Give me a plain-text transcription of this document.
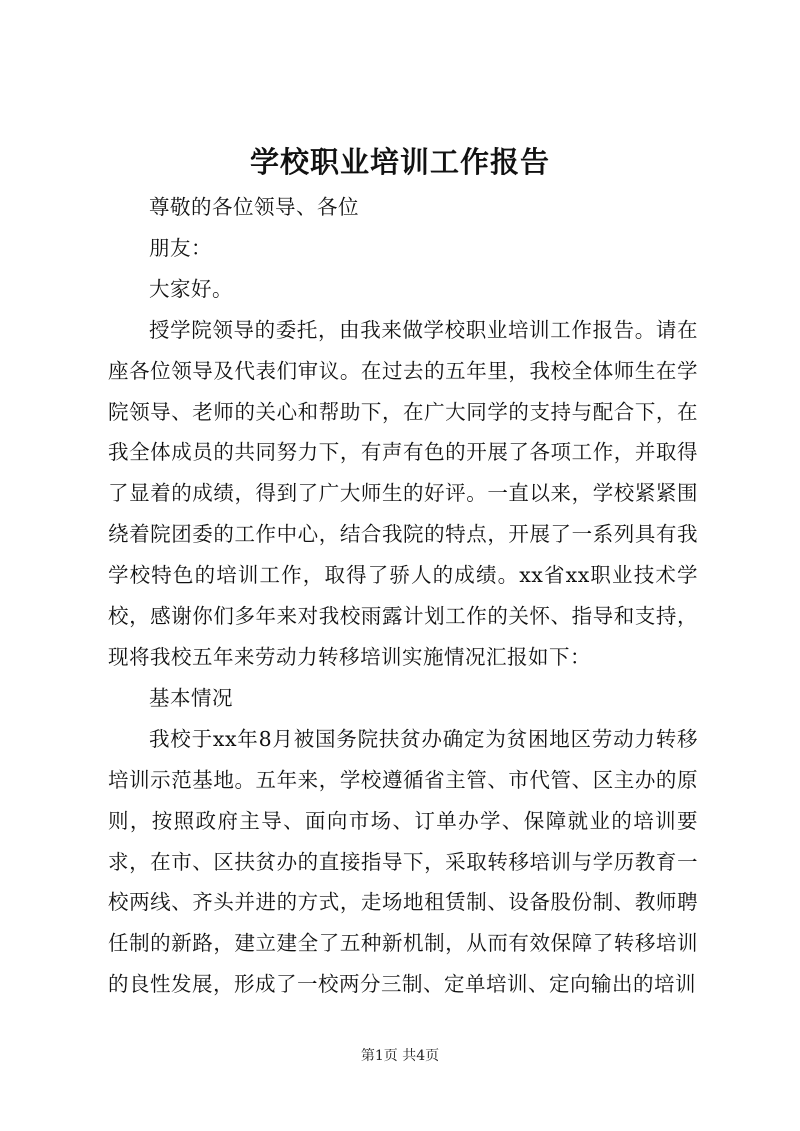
学校职业培训工作报告

尊敬的各位领导、各位

朋友：

大家好。

授学院领导的委托，由我来做学校职业培训工作报告。请在座各位领导及代表们审议。在过去的五年里，我校全体师生在学院领导、老师的关心和帮助下，在广大同学的支持与配合下，在我全体成员的共同努力下，有声有色的开展了各项工作，并取得了显着的成绩，得到了广大师生的好评。一直以来，学校紧紧围绕着院团委的工作中心，结合我院的特点，开展了一系列具有我学校特色的培训工作，取得了骄人的成绩。xx省xx职业技术学校，感谢你们多年来对我校雨露计划工作的关怀、指导和支持，现将我校五年来劳动力转移培训实施情况汇报如下：

基本情况

我校于xx年8月被国务院扶贫办确定为贫困地区劳动力转移培训示范基地。五年来，学校遵循省主管、市代管、区主办的原则，按照政府主导、面向市场、订单办学、保障就业的培训要求，在市、区扶贫办的直接指导下，采取转移培训与学历教育一校两线、齐头并进的方式，走场地租赁制、设备股份制、教师聘任制的新路，建立建全了五种新机制，从而有效保障了转移培训的良性发展，形成了一校两分三制、定单培训、定向输出的培训

第1页 共4页
